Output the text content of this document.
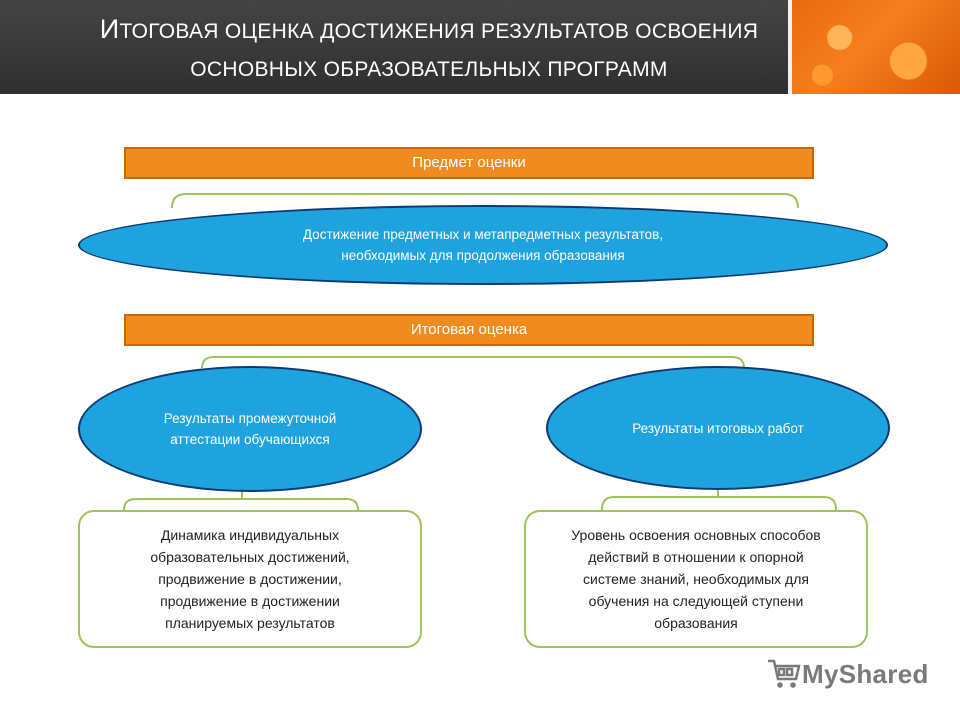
ИТОГОВАЯ ОЦЕНКА ДОСТИЖЕНИЯ РЕЗУЛЬТАТОВ ОСВОЕНИЯ
ОСНОВНЫХ ОБРАЗОВАТЕЛЬНЫХ ПРОГРАММ
Предмет оценки
Достижение предметных и метапредметных результатов,
необходимых для продолжения образования
Итоговая оценка
Результаты промежуточной
аттестации обучающихся
Результаты итоговых работ
Динамика индивидуальных
образовательных достижений,
продвижение в достижении,
продвижение в достижении
планируемых результатов
Уровень освоения основных способов
действий в отношении к опорной
системе знаний, необходимых для
обучения на следующей ступени
образования
MyShared
